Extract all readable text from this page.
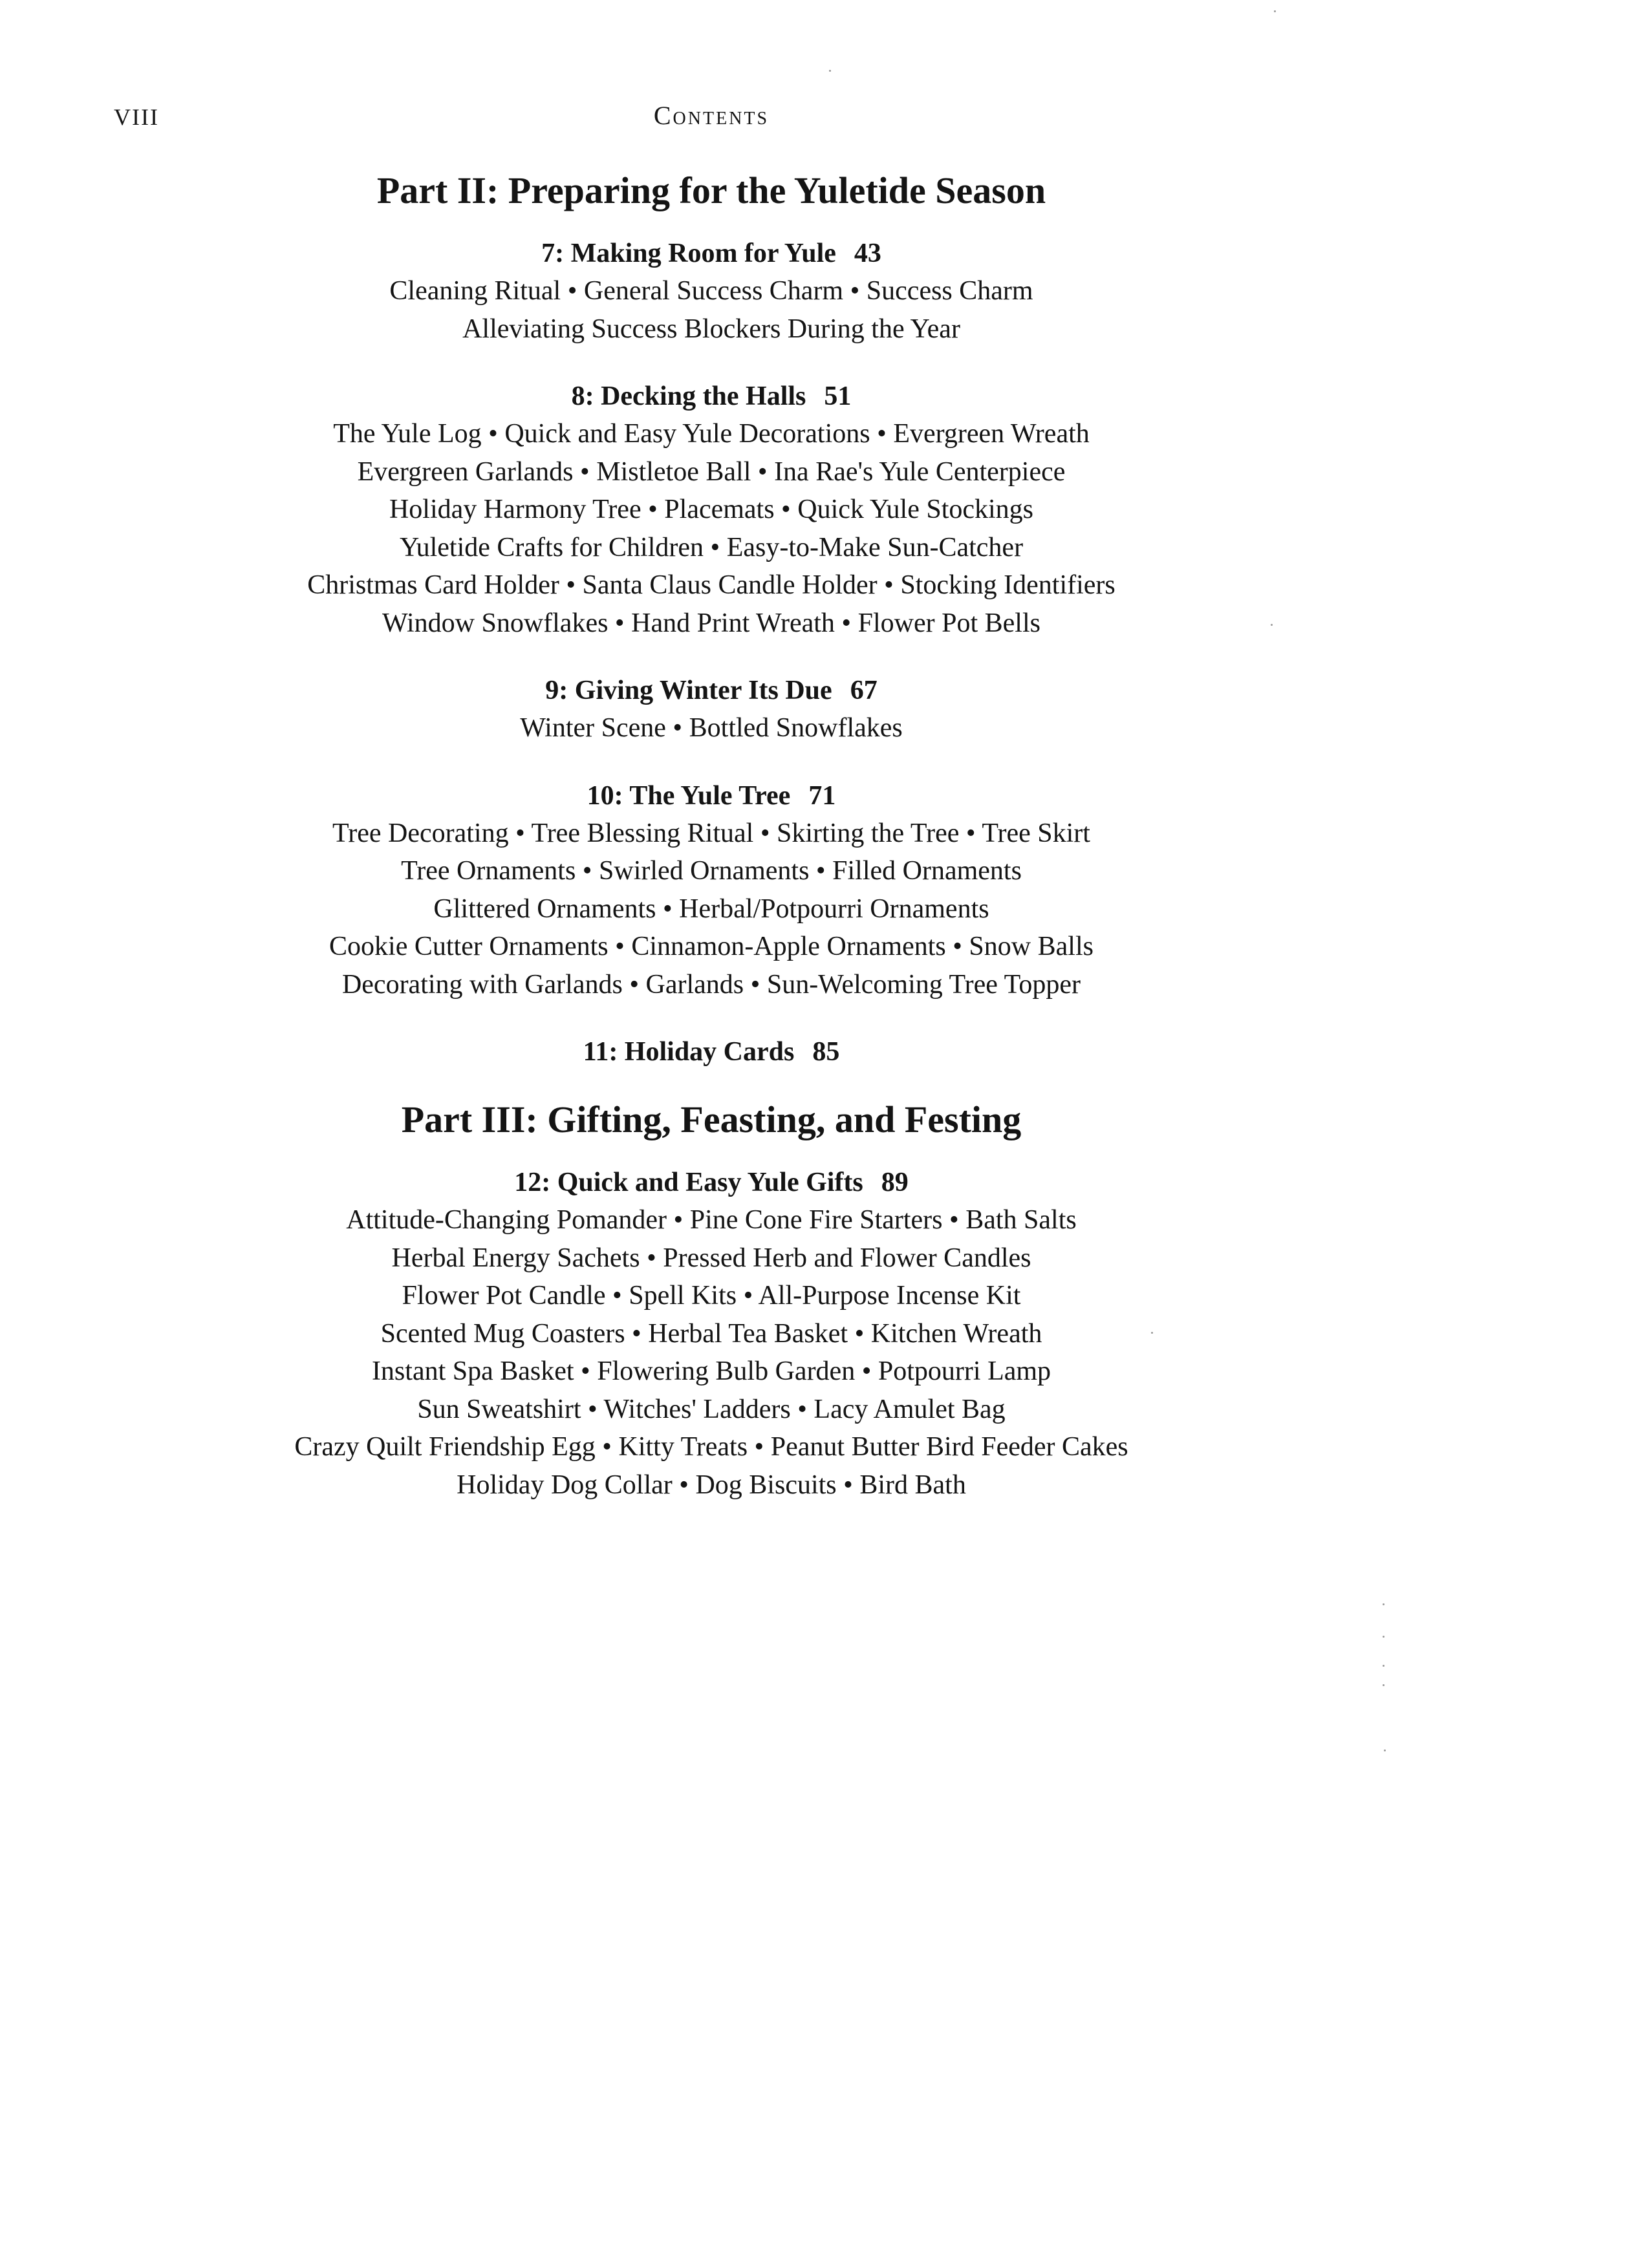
VIII	Contents
Part II: Preparing for the Yuletide Season
7: Making Room for Yule 43

Cleaning Ritual • General Success Charm • Success Charm

Alleviating Success Blockers During the Year

8: Decking the Halls 51

The Yule Log • Quick and Easy Yule Decorations • Evergreen Wreath

Evergreen Garlands • Mistletoe Ball • Ina Rae's Yule Centerpiece

Holiday Harmony Tree • Placemats • Quick Yule Stockings

Yuletide Crafts for Children • Easy-to-Make Sun-Catcher

Christmas Card Holder • Santa Claus Candle Holder • Stocking Identifiers

Window Snowflakes • Hand Print Wreath • Flower Pot Bells

9: Giving Winter Its Due 67

Winter Scene • Bottled Snowflakes

10: The Yule Tree 71

Tree Decorating • Tree Blessing Ritual • Skirting the Tree • Tree Skirt

Tree Ornaments • Swirled Ornaments • Filled Ornaments

Glittered Ornaments • Herbal/Potpourri Ornaments

Cookie Cutter Ornaments • Cinnamon-Apple Ornaments • Snow Balls

Decorating with Garlands • Garlands • Sun-Welcoming Tree Topper

11: Holiday Cards 85
Part III: Gifting, Feasting, and Festing
12: Quick and Easy Yule Gifts 89

Attitude-Changing Pomander • Pine Cone Fire Starters • Bath Salts

Herbal Energy Sachets • Pressed Herb and Flower Candles

Flower Pot Candle • Spell Kits • All-Purpose Incense Kit

Scented Mug Coasters • Herbal Tea Basket • Kitchen Wreath

Instant Spa Basket • Flowering Bulb Garden • Potpourri Lamp

Sun Sweatshirt • Witches' Ladders • Lacy Amulet Bag

Crazy Quilt Friendship Egg • Kitty Treats • Peanut Butter Bird Feeder Cakes

Holiday Dog Collar • Dog Biscuits • Bird Bath
